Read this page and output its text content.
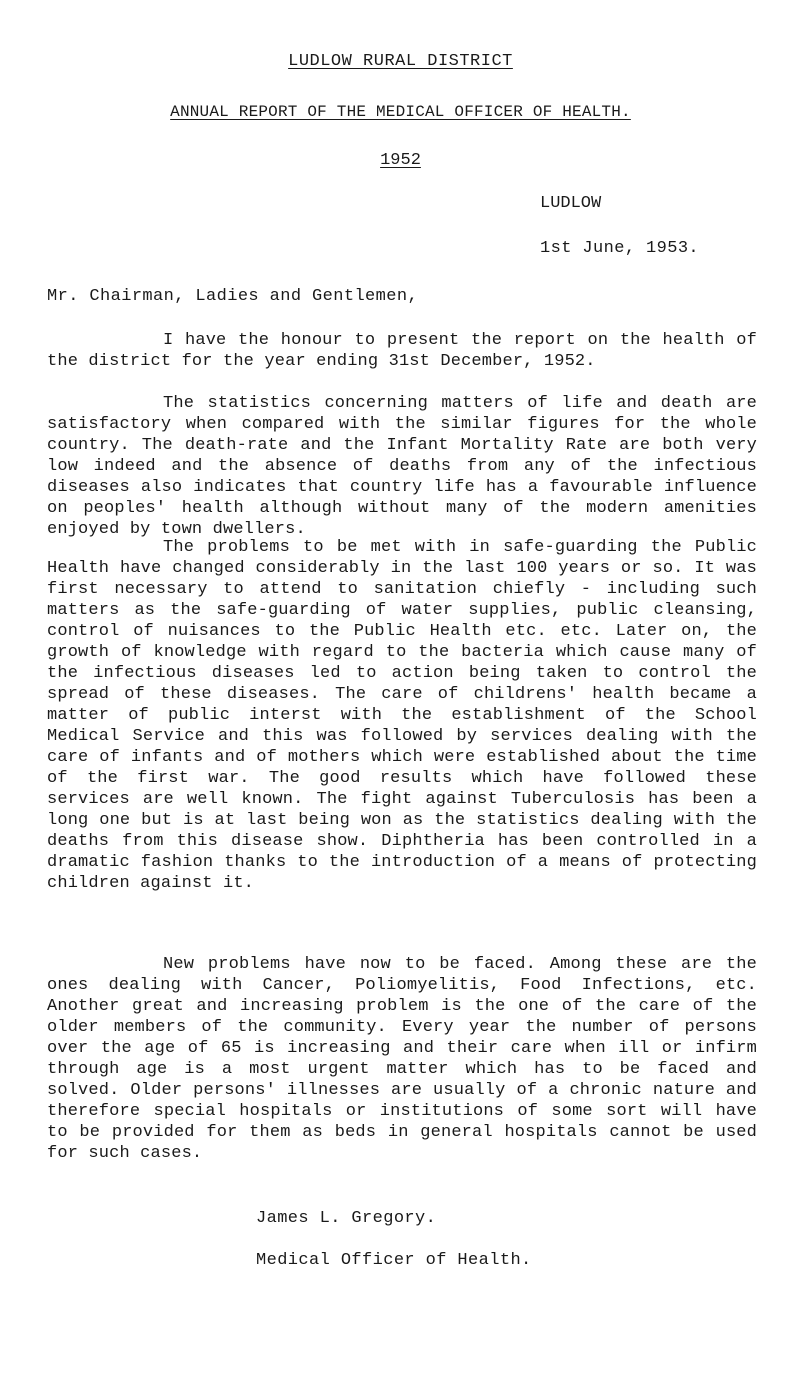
LUDLOW RURAL DISTRICT
ANNUAL REPORT OF THE MEDICAL OFFICER OF HEALTH.
1952
LUDLOW
1st June, 1953.
Mr. Chairman, Ladies and Gentlemen,

I have the honour to present the report on the health of the district for the year ending 31st December, 1952.

The statistics concerning matters of life and death are satisfactory when compared with the similar figures for the whole country. The death-rate and the Infant Mortality Rate are both very low indeed and the absence of deaths from any of the infectious diseases also indicates that country life has a favourable influence on peoples' health although without many of the modern amenities enjoyed by town dwellers.

The problems to be met with in safe-guarding the Public Health have changed considerably in the last 100 years or so. It was first necessary to attend to sanitation chiefly - including such matters as the safe-guarding of water supplies, public cleansing, control of nuisances to the Public Health etc. etc. Later on, the growth of knowledge with regard to the bacteria which cause many of the infectious diseases led to action being taken to control the spread of these diseases. The care of childrens' health became a matter of public interst with the establishment of the School Medical Service and this was followed by services dealing with the care of infants and of mothers which were established about the time of the first war. The good results which have followed these services are well known. The fight against Tuberculosis has been a long one but is at last being won as the statistics dealing with the deaths from this disease show. Diphtheria has been controlled in a dramatic fashion thanks to the introduction of a means of protecting children against it.

New problems have now to be faced. Among these are the ones dealing with Cancer, Poliomyelitis, Food Infections, etc. Another great and increasing problem is the one of the care of the older members of the community. Every year the number of persons over the age of 65 is increasing and their care when ill or infirm through age is a most urgent matter which has to be faced and solved. Older persons' illnesses are usually of a chronic nature and therefore special hospitals or institutions of some sort will have to be provided for them as beds in general hospitals cannot be used for such cases.

James L. Gregory.
Medical Officer of Health.
